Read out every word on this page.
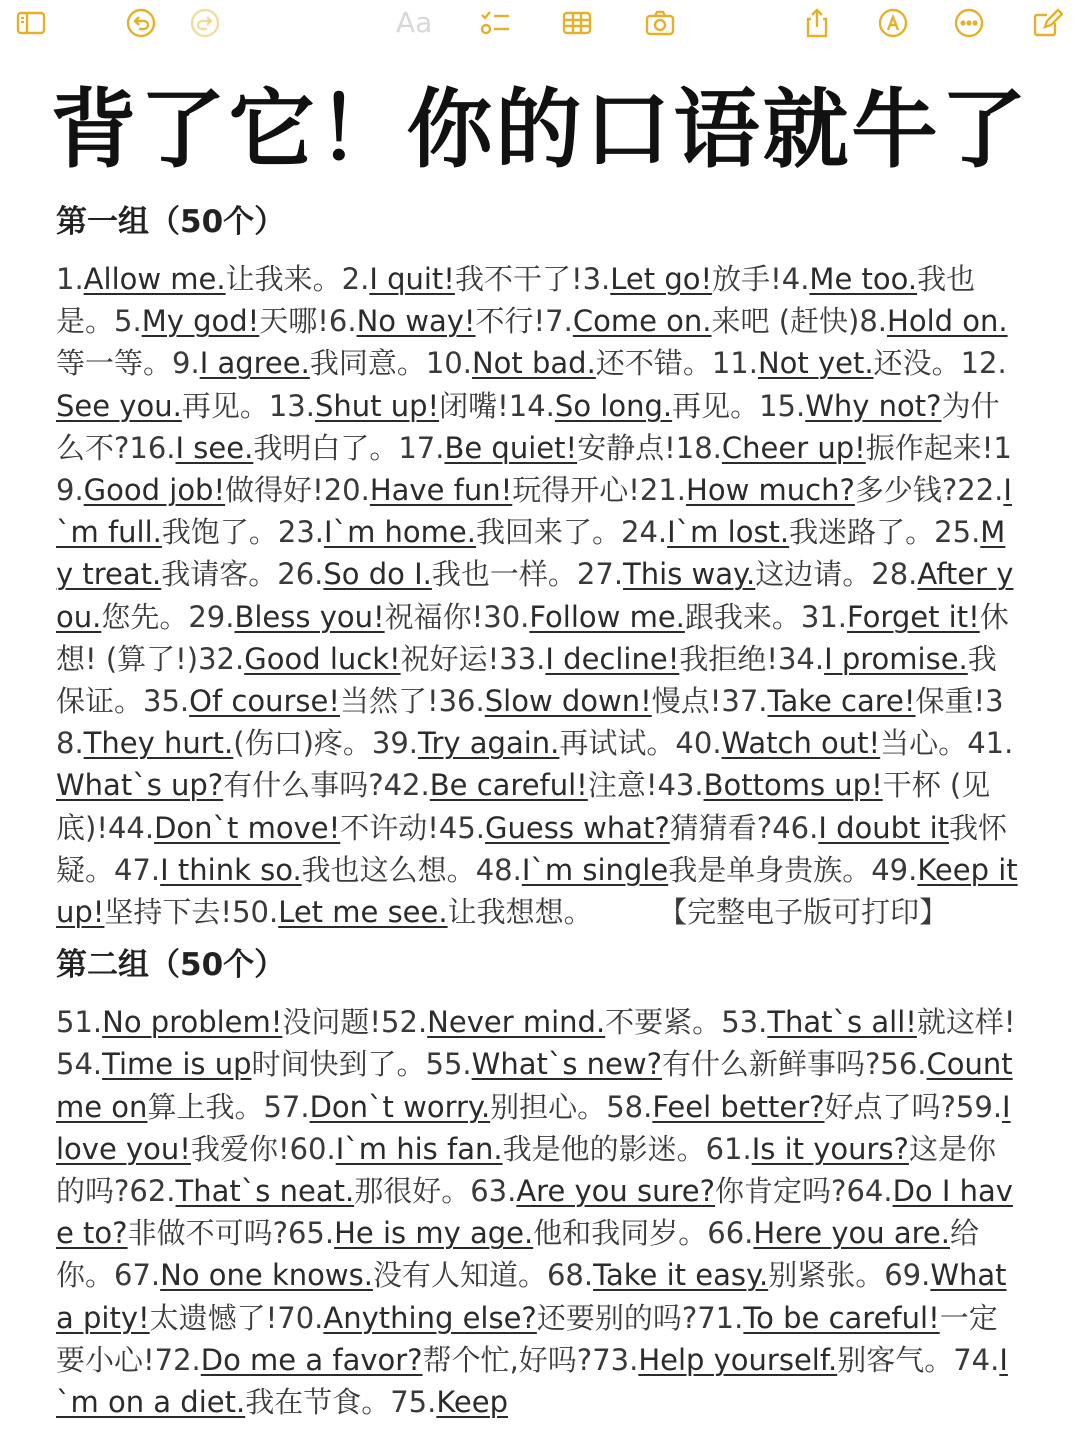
Aa
背了它！你的口语就牛了
第一组（50个）

1.Allow me.让我来。2.I quit!我不干了!3.Let go!放手!4.Me too.我也是。5.My god!天哪!6.No way!不行!7.Come on.来吧 (赶快)8.Hold on.等一等。9.I agree.我同意。10.Not bad.还不错。11.Not yet.还没。12.See you.再见。13.Shut up!闭嘴!14.So long.再见。15.Why not?为什么不?16.I see.我明白了。17.Be quiet!安静点!18.Cheer up!振作起来!19.Good job!做得好!20.Have fun!玩得开心!21.How much?多少钱?22.I`m full.我饱了。23.I`m home.我回来了。24.I`m lost.我迷路了。25.My treat.我请客。26.So do I.我也一样。27.This way.这边请。28.After you.您先。29.Bless you!祝福你!30.Follow me.跟我来。31.Forget it!休想! (算了!)32.Good luck!祝好运!33.I decline!我拒绝!34.I promise.我保证。35.Of course!当然了!36.Slow down!慢点!37.Take care!保重!38.They hurt.(伤口)疼。39.Try again.再试试。40.Watch out!当心。41.What`s up?有什么事吗?42.Be careful!注意!43.Bottoms up!干杯 (见底)!44.Don`t move!不许动!45.Guess what?猜猜看?46.I doubt it我怀疑。47.I think so.我也这么想。48.I`m single我是单身贵族。49.Keep it up!坚持下去!50.Let me see.让我想想。	【完整电子版可打印】

第二组（50个）

51.No problem!没问题!52.Never mind.不要紧。53.That`s all!就这样!54.Time is up时间快到了。55.What`s new?有什么新鲜事吗?56.Count me on算上我。57.Don`t worry.别担心。58.Feel better?好点了吗?59.I love you!我爱你!60.I`m his fan.我是他的影迷。61.Is it yours?这是你的吗?62.That`s neat.那很好。63.Are you sure?你肯定吗?64.Do I have to?非做不可吗?65.He is my age.他和我同岁。66.Here you are.给你。67.No one knows.没有人知道。68.Take it easy.别紧张。69.What a pity!太遗憾了!70.Anything else?还要别的吗?71.To be careful!一定要小心!72.Do me a favor?帮个忙,好吗?73.Help yourself.别客气。74.I`m on a diet.我在节食。75.Keep
